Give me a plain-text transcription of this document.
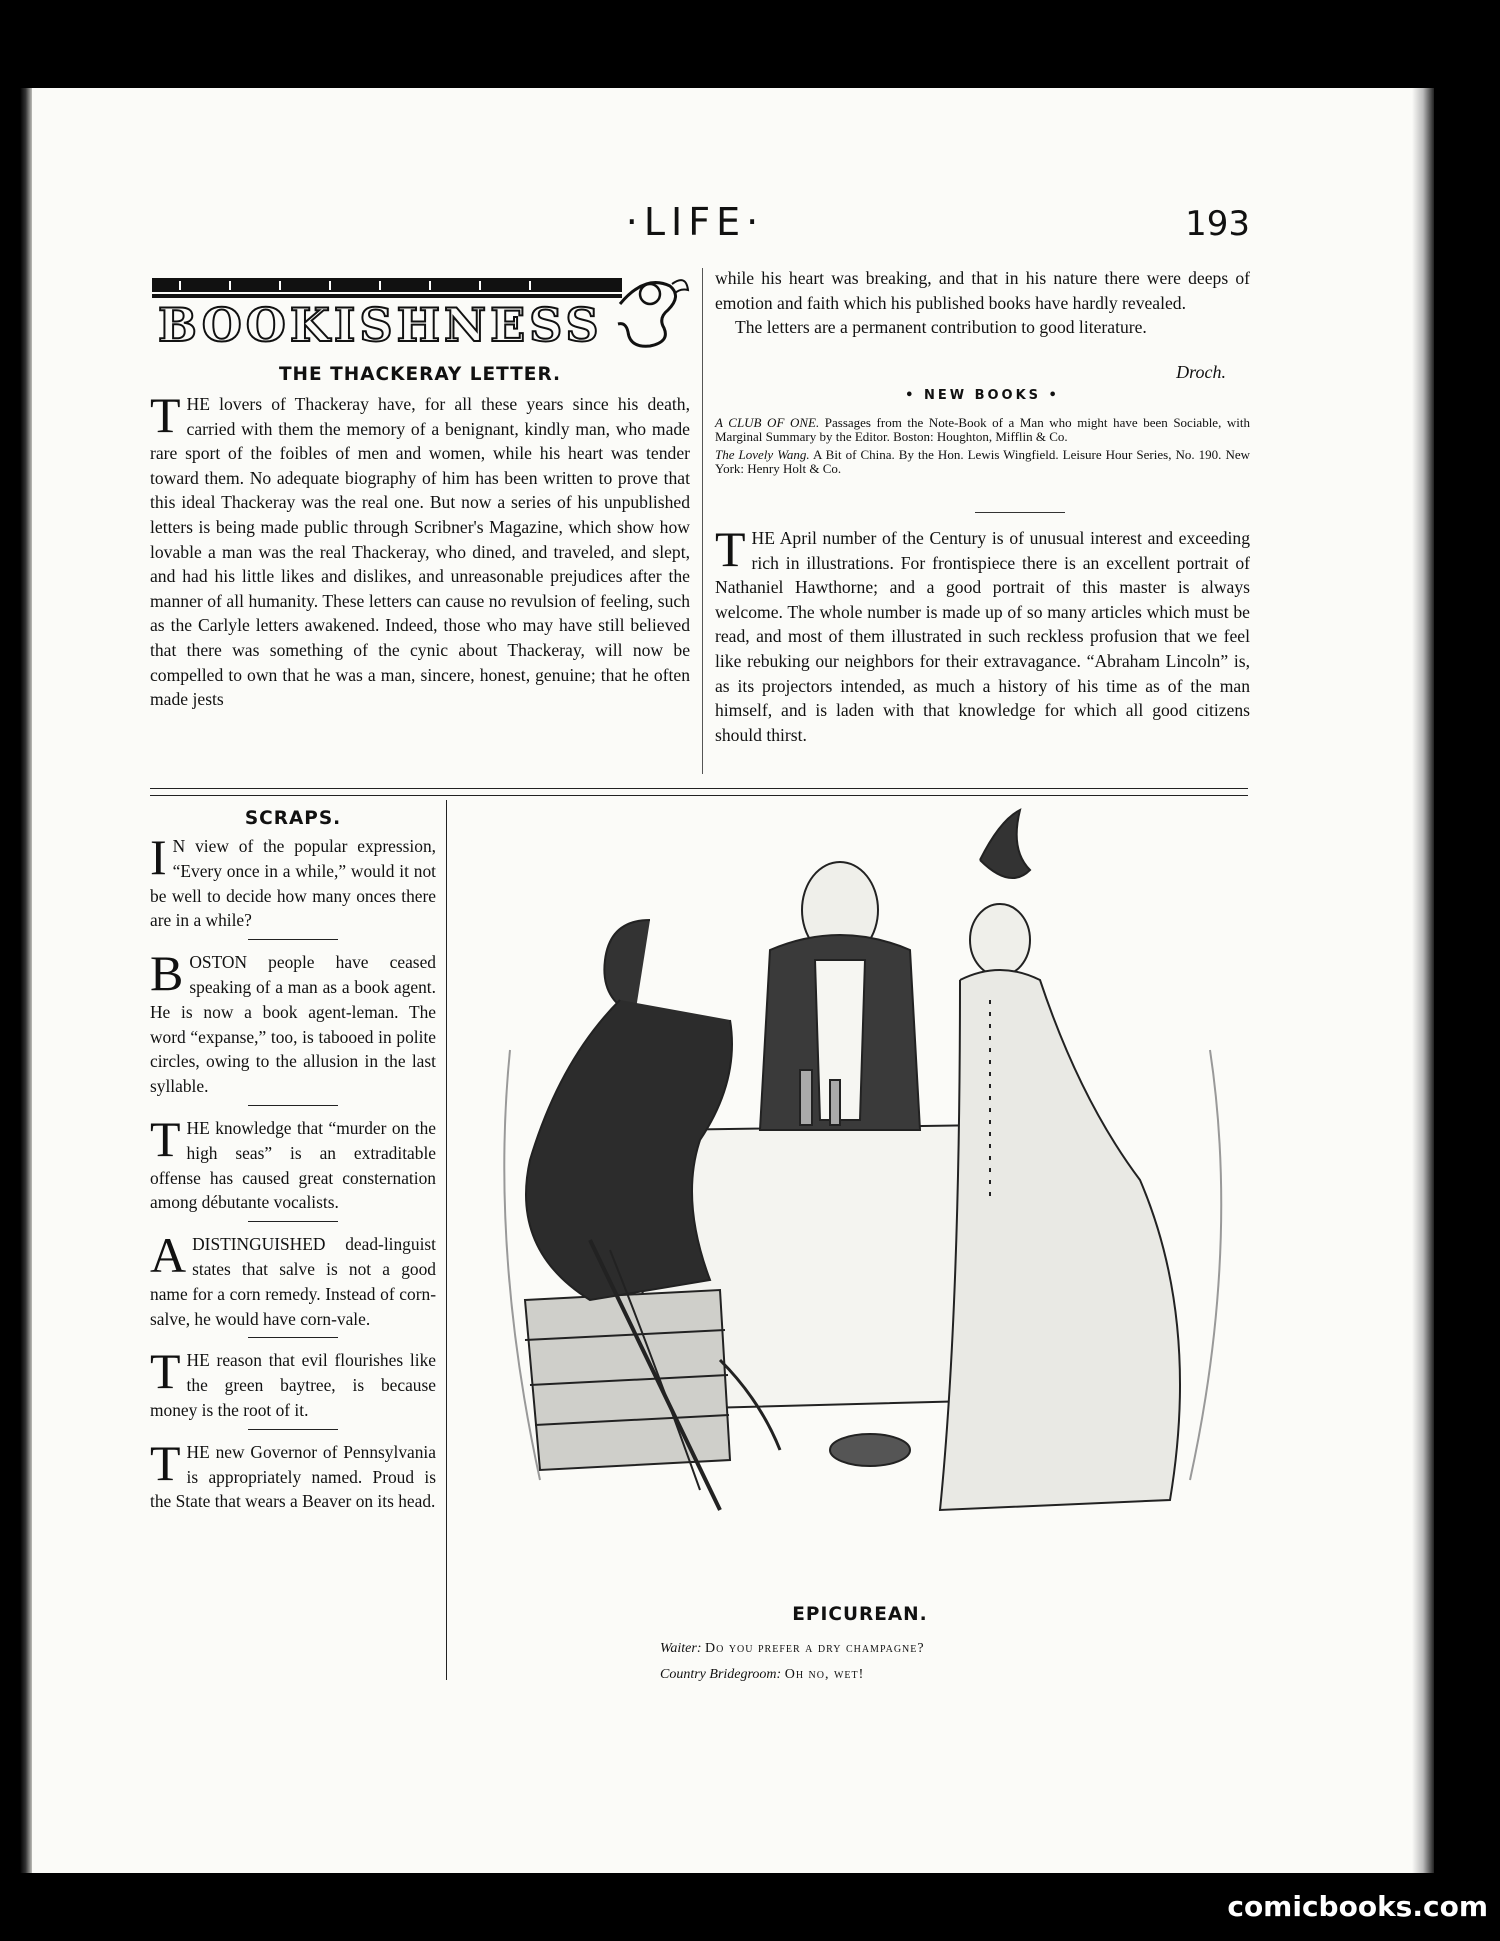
·LIFE·	193
BOOKISHNESS
THE THACKERAY LETTER.
T HE lovers of Thackeray have, for all these years since his death, carried with them the memory of a benignant, kindly man, who made rare sport of the foibles of men and women, while his heart was tender toward them. No adequate biography of him has been written to prove that this ideal Thackeray was the real one. But now a series of his unpublished letters is being made public through Scribner's Magazine, which show how lovable a man was the real Thackeray, who dined, and traveled, and slept, and had his little likes and dislikes, and unreasonable prejudices after the manner of all humanity. These letters can cause no revulsion of feeling, such as the Carlyle letters awakened. Indeed, those who may have still believed that there was something of the cynic about Thackeray, will now be compelled to own that he was a man, sincere, honest, genuine; that he often made jests

while his heart was breaking, and that in his nature there were deeps of emotion and faith which his published books have hardly revealed.

The letters are a permanent contribution to good literature.

Droch.
• NEW BOOKS •

A CLUB OF ONE. Passages from the Note-Book of a Man who might have been Sociable, with Marginal Summary by the Editor. Boston: Houghton, Mifflin & Co.

The Lovely Wang. A Bit of China. By the Hon. Lewis Wingfield. Leisure Hour Series, No. 190. New York: Henry Holt & Co.

T HE April number of the Century is of unusual interest and exceeding rich in illustrations. For frontispiece there is an excellent portrait of Nathaniel Hawthorne; and a good portrait of this master is always welcome. The whole number is made up of so many articles which must be read, and most of them illustrated in such reckless profusion that we feel like rebuking our neighbors for their extravagance. “Abraham Lincoln” is, as its projectors intended, as much a history of his time as of the man himself, and is laden with that knowledge for which all good citizens should thirst.
SCRAPS.
I N view of the popular expression, “Every once in a while,” would it not be well to decide how many onces there are in a while?
BOSTON people have ceased speaking of a man as a book agent. He is now a book agent-leman. The word “expanse,” too, is tabooed in polite circles, owing to the allusion in the last syllable.
THE knowledge that “murder on the high seas” is an extraditable offense has caused great consternation among débutante vocalists.
ADISTINGUISHED dead-linguist states that salve is not a good name for a corn remedy. Instead of corn-salve, he would have corn-vale.
THE reason that evil flourishes like the green baytree, is because money is the root of it.
THE new Governor of Pennsylvania is appropriately named. Proud is the State that wears a Beaver on its head.
EPICUREAN.
Waiter: Do you prefer a dry champagne?
Country Bridegroom: Oh no, wet!
comicbooks.com
